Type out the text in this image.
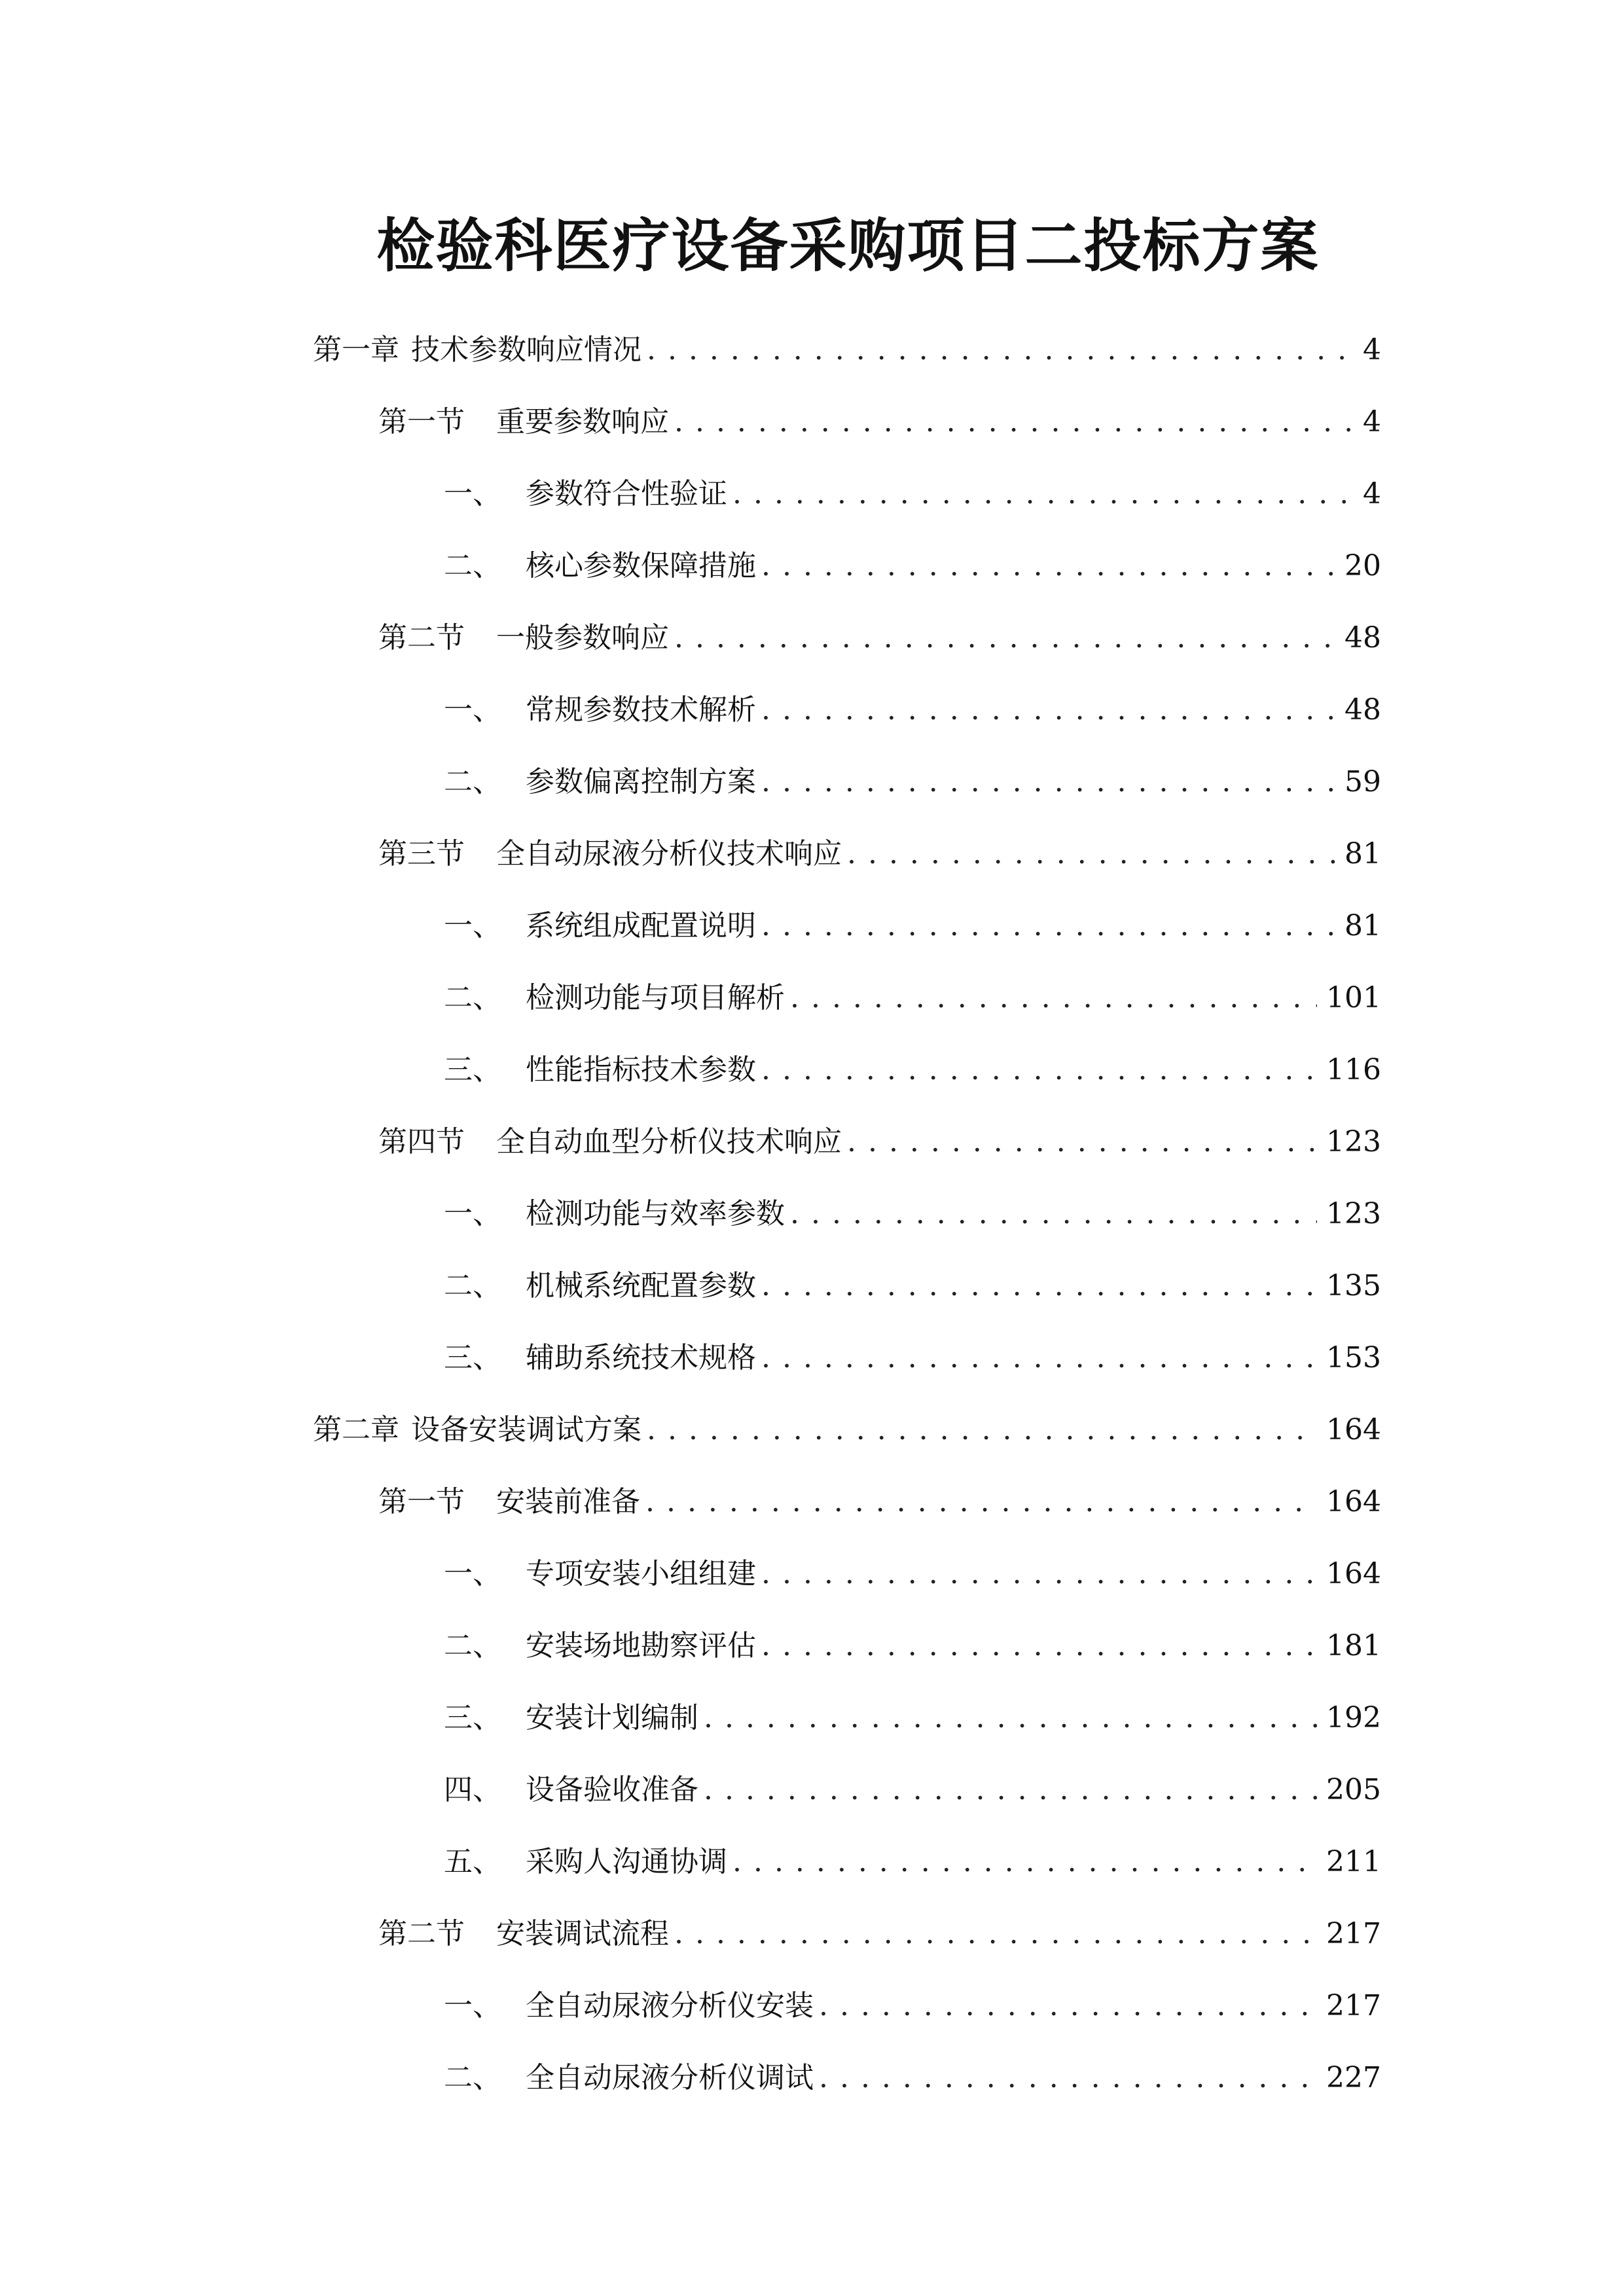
检验科医疗设备采购项目二投标方案
第一章 技术参数响应情况 . . .	4
第一节	重要参数响应 . . .	4
一、 参数符合性验证 . . .	4
二、 核心参数保障措施 . . .	20
第二节	一般参数响应 . . .	48
一、 常规参数技术解析 . . .	48
二、 参数偏离控制方案 . . .	59
第三节	全自动尿液分析仪技术响应 . . .	81
一、 系统组成配置说明 . . .	81
二、 检测功能与项目解析 . . .	101
三、 性能指标技术参数 . . .	116
第四节	全自动血型分析仪技术响应 . . .	123
一、 检测功能与效率参数 . . .	123
二、 机械系统配置参数 . . .	135
三、 辅助系统技术规格 . . .	153
第二章 设备安装调试方案 . . .	164
第一节	安装前准备 . . .	164
一、 专项安装小组组建 . . .	164
二、 安装场地勘察评估 . . .	181
三、 安装计划编制 . . .	192
四、 设备验收准备 . . .	205
五、 采购人沟通协调 . . .	211
第二节	安装调试流程 . . .	217
一、 全自动尿液分析仪安装 . . .	217
二、 全自动尿液分析仪调试 . . .	227
